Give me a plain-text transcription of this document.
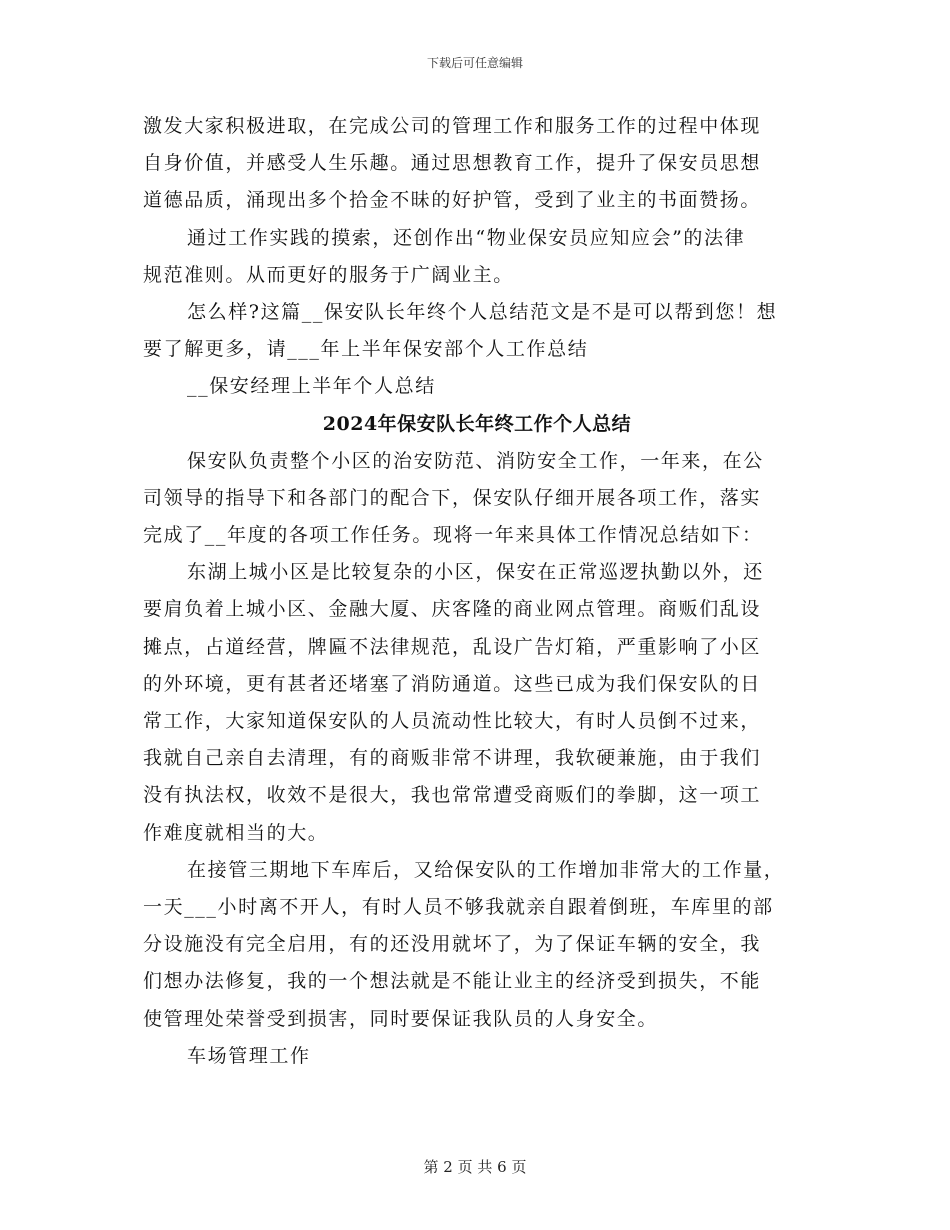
下载后可任意编辑
激发大家积极进取，在完成公司的管理工作和服务工作的过程中体现
自身价值，并感受人生乐趣。通过思想教育工作，提升了保安员思想
道德品质，涌现出多个拾金不昧的好护管，受到了业主的书面赞扬。
通过工作实践的摸索，还创作出“物业保安员应知应会”的法律
规范准则。从而更好的服务于广阔业主。
怎么样?这篇__保安队长年终个人总结范文是不是可以帮到您！想
要了解更多，请___年上半年保安部个人工作总结
__保安经理上半年个人总结
2024年保安队长年终工作个人总结
保安队负责整个小区的治安防范、消防安全工作，一年来，在公
司领导的指导下和各部门的配合下，保安队仔细开展各项工作，落实
完成了__年度的各项工作任务。现将一年来具体工作情况总结如下：
东湖上城小区是比较复杂的小区，保安在正常巡逻执勤以外，还
要肩负着上城小区、金融大厦、庆客隆的商业网点管理。商贩们乱设
摊点，占道经营，牌匾不法律规范，乱设广告灯箱，严重影响了小区
的外环境，更有甚者还堵塞了消防通道。这些已成为我们保安队的日
常工作，大家知道保安队的人员流动性比较大，有时人员倒不过来，
我就自己亲自去清理，有的商贩非常不讲理，我软硬兼施，由于我们
没有执法权，收效不是很大，我也常常遭受商贩们的拳脚，这一项工
作难度就相当的大。
在接管三期地下车库后，又给保安队的工作增加非常大的工作量，
一天___小时离不开人，有时人员不够我就亲自跟着倒班，车库里的部
分设施没有完全启用，有的还没用就坏了，为了保证车辆的安全，我
们想办法修复，我的一个想法就是不能让业主的经济受到损失，不能
使管理处荣誉受到损害，同时要保证我队员的人身安全。
车场管理工作
第 2 页 共 6 页
